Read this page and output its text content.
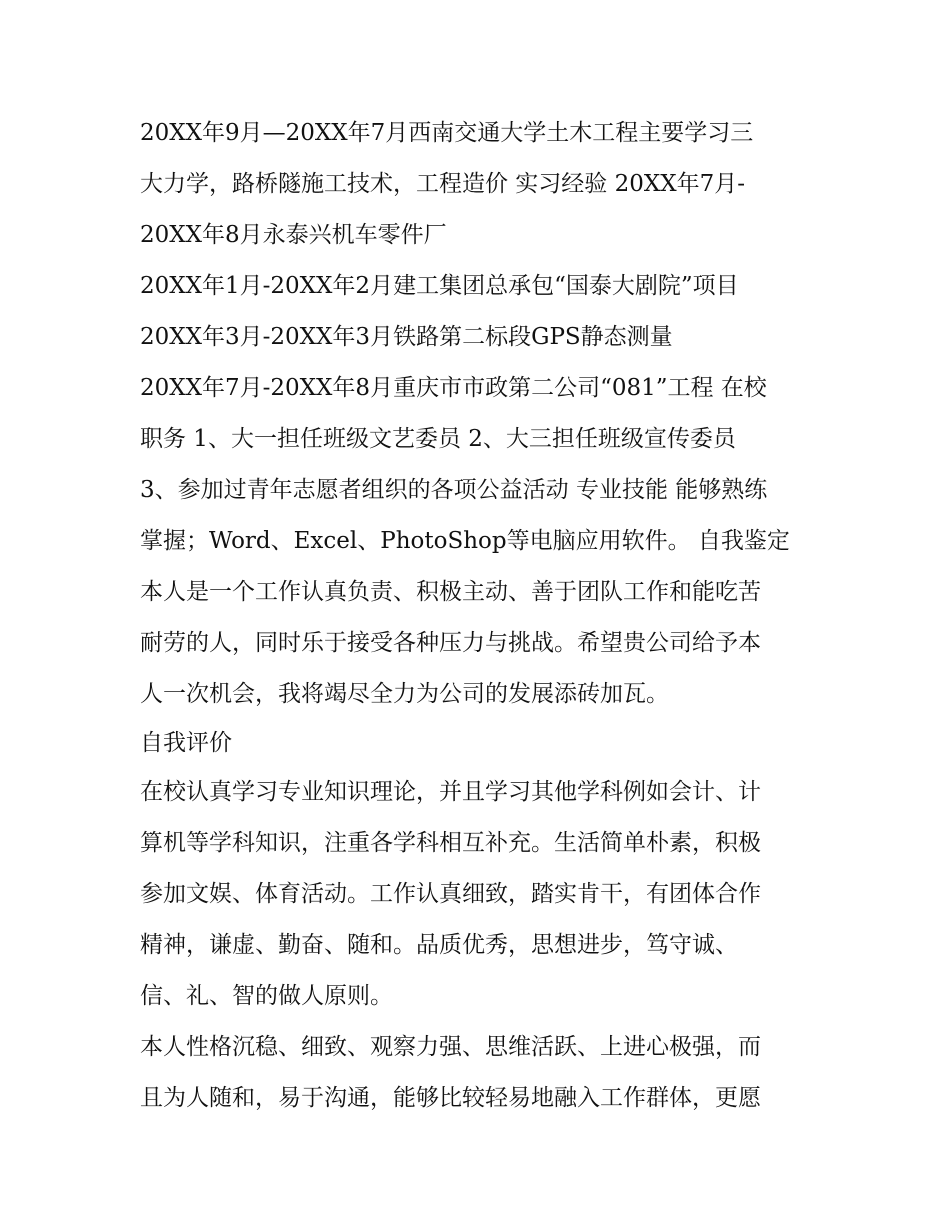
20XX年9月—20XX年7月西南交通大学土木工程主要学习三
大力学，路桥隧施工技术，工程造价 实习经验 20XX年7月-
20XX年8月永泰兴机车零件厂
20XX年1月-20XX年2月建工集团总承包“国泰大剧院”项目
20XX年3月-20XX年3月铁路第二标段GPS静态测量
20XX年7月-20XX年8月重庆市市政第二公司“081”工程 在校
职务 1、大一担任班级文艺委员 2、大三担任班级宣传委员
3、参加过青年志愿者组织的各项公益活动 专业技能 能够熟练
掌握；Word、Excel、PhotoShop等电脑应用软件。 自我鉴定
本人是一个工作认真负责、积极主动、善于团队工作和能吃苦
耐劳的人，同时乐于接受各种压力与挑战。希望贵公司给予本
人一次机会，我将竭尽全力为公司的发展添砖加瓦。
自我评价
在校认真学习专业知识理论，并且学习其他学科例如会计、计
算机等学科知识，注重各学科相互补充。生活简单朴素，积极
参加文娱、体育活动。工作认真细致，踏实肯干，有团体合作
精神，谦虚、勤奋、随和。品质优秀，思想进步，笃守诚、
信、礼、智的做人原则。
本人性格沉稳、细致、观察力强、思维活跃、上进心极强，而
且为人随和，易于沟通，能够比较轻易地融入工作群体，更愿
